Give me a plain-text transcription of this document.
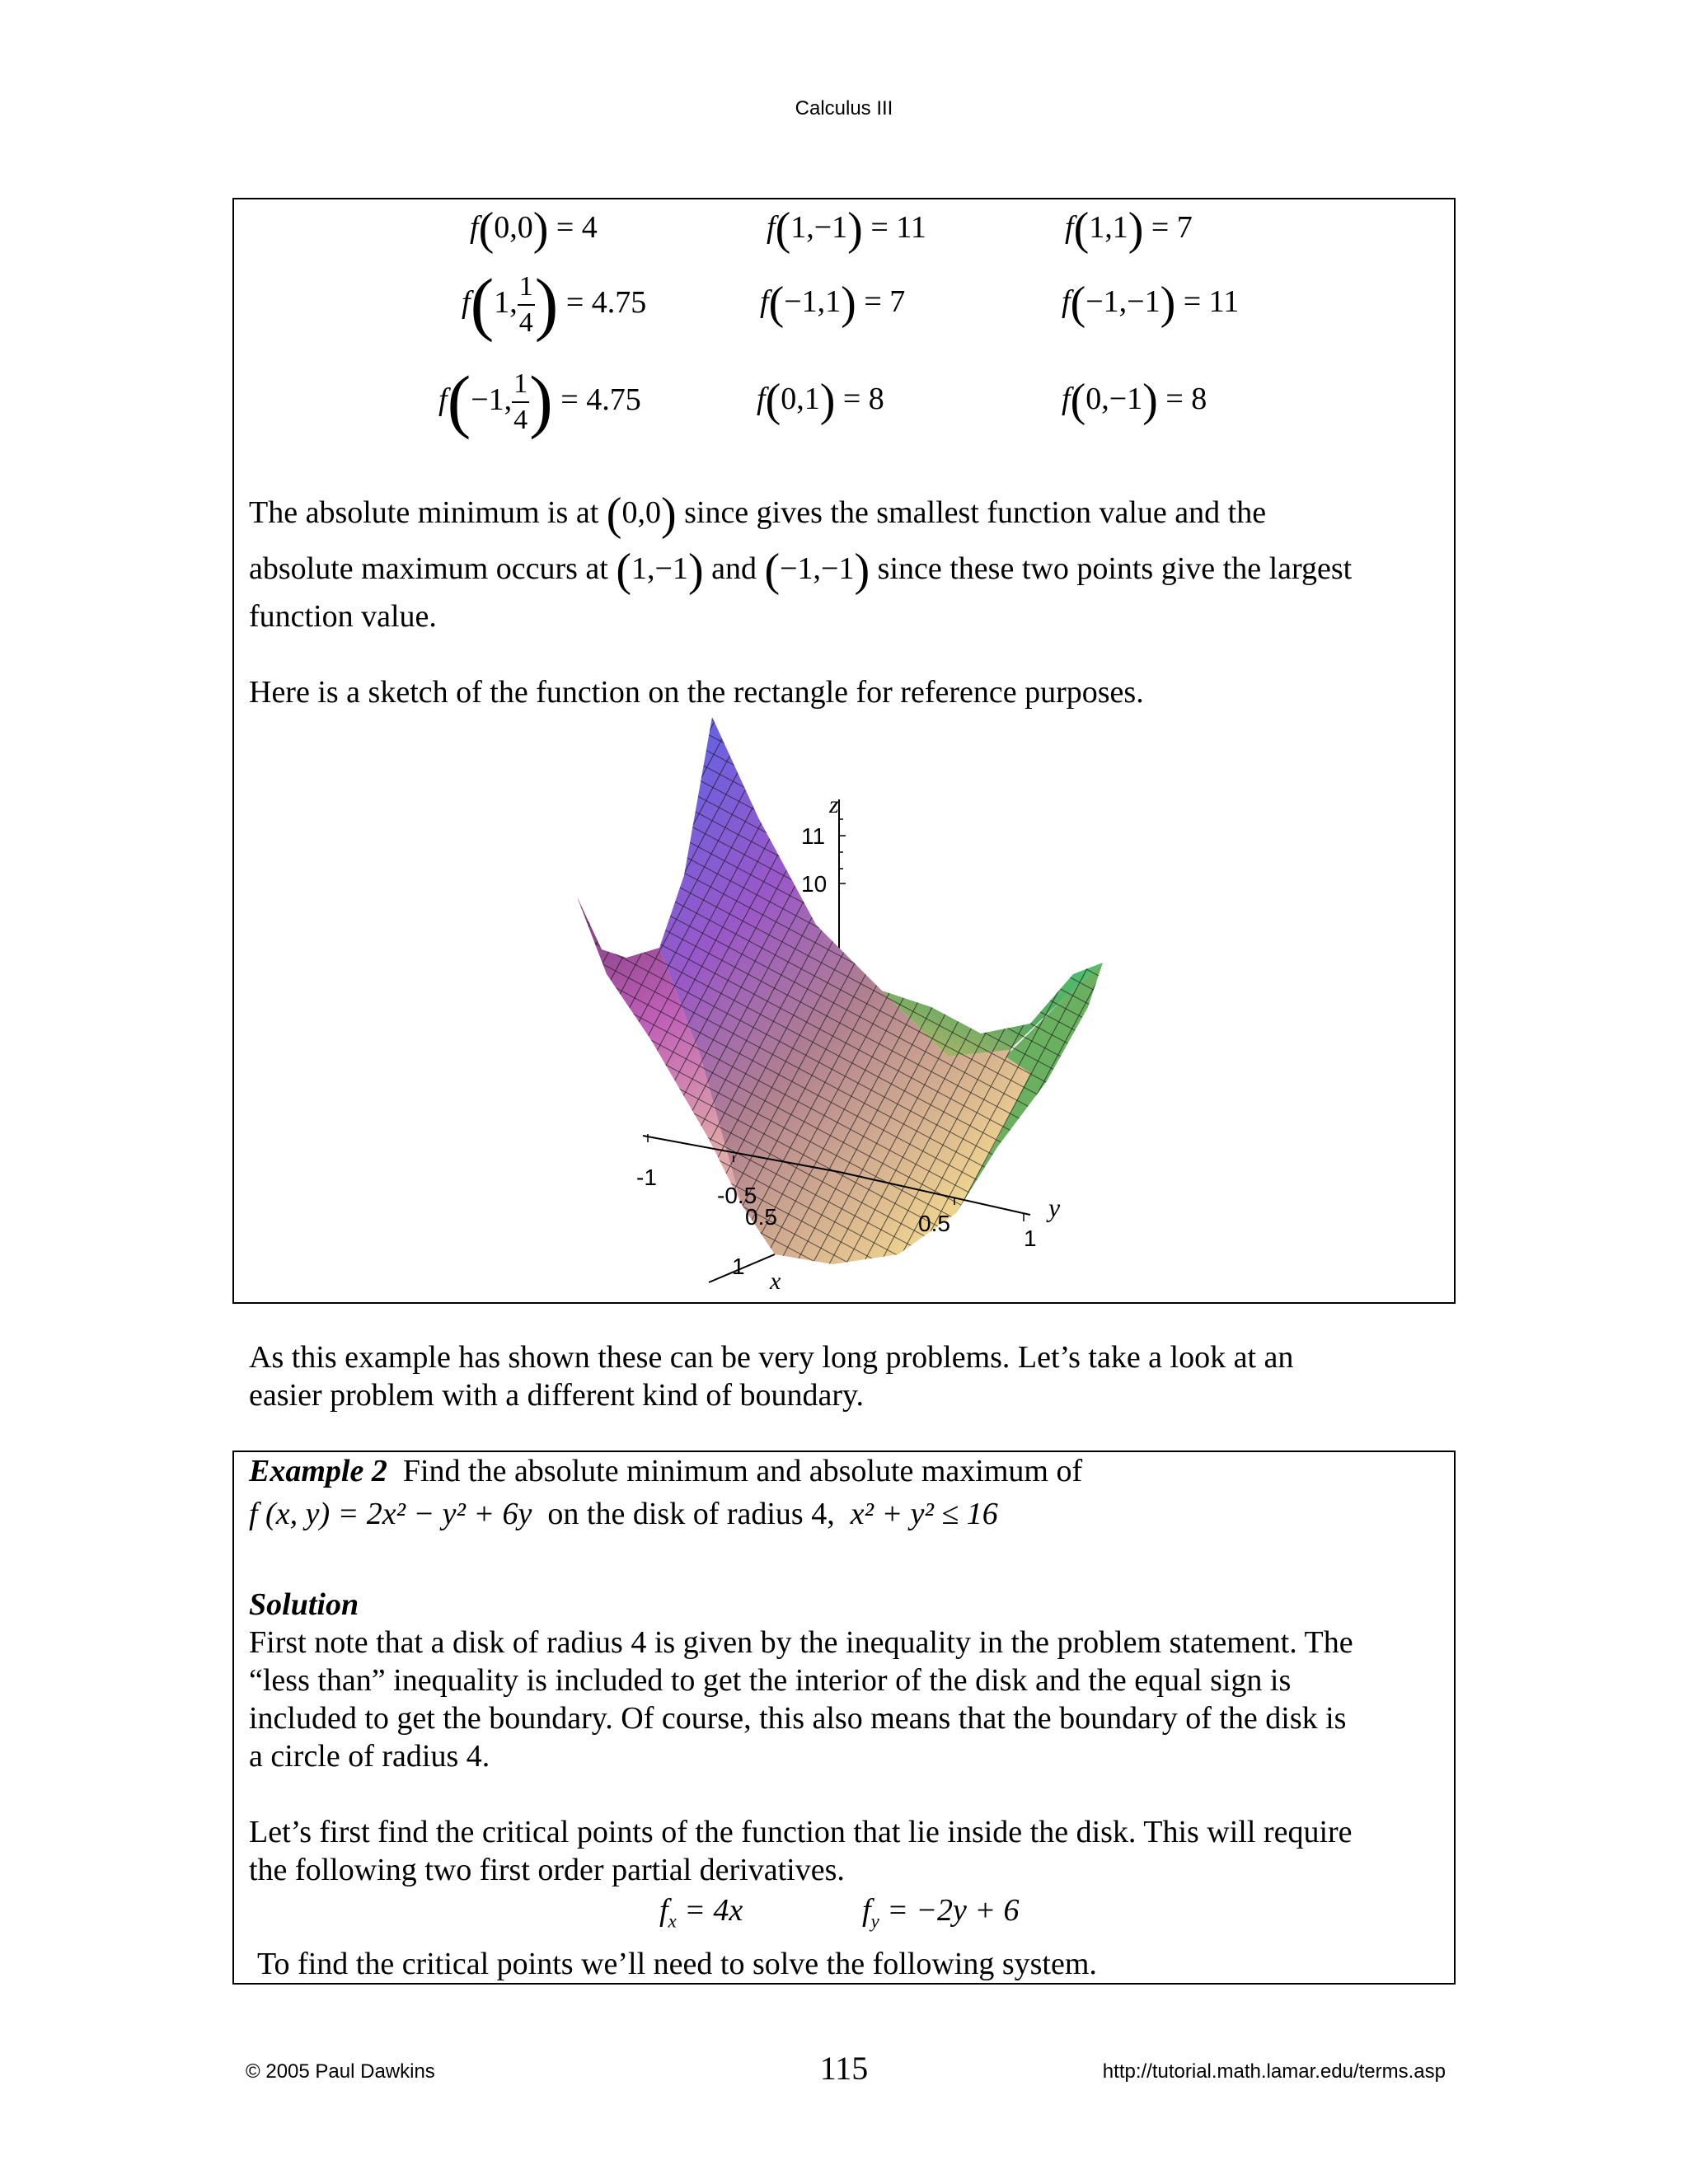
Calculus III
f(0,0) = 4	f(1,−1) = 11	f(1,1) = 7
f(1, $\frac{1}{4}$ ) = 4.75	f(−1,1) = 7	f(−1,−1) = 11
f(−1, $\frac{1}{4}$ ) = 4.75	f(0,1) = 8	f(0,−1) = 8
The absolute minimum is at (0,0) since gives the smallest function value and the
absolute maximum occurs at (1,−1) and (−1,−1) since these two points give the largest
function value.
Here is a sketch of the function on the rectangle for reference purposes.
z
11
10
y
0.5
1
-1
-0.5
0.5
1
x
As this example has shown these can be very long problems. Let’s take a look at an
easier problem with a different kind of boundary.
Example 2 Find the absolute minimum and absolute maximum of
f (x, y) = 2x² − y² + 6y on the disk of radius 4, x² + y² ≤ 16
Solution
First note that a disk of radius 4 is given by the inequality in the problem statement. The
“less than” inequality is included to get the interior of the disk and the equal sign is
included to get the boundary. Of course, this also means that the boundary of the disk is
a circle of radius 4.
Let’s first find the critical points of the function that lie inside the disk. This will require
the following two first order partial derivatives.
$f_x = 4x$	$f_y = -2y + 6$
To find the critical points we’ll need to solve the following system.
© 2005 Paul Dawkins	115	http://tutorial.math.lamar.edu/terms.asp
